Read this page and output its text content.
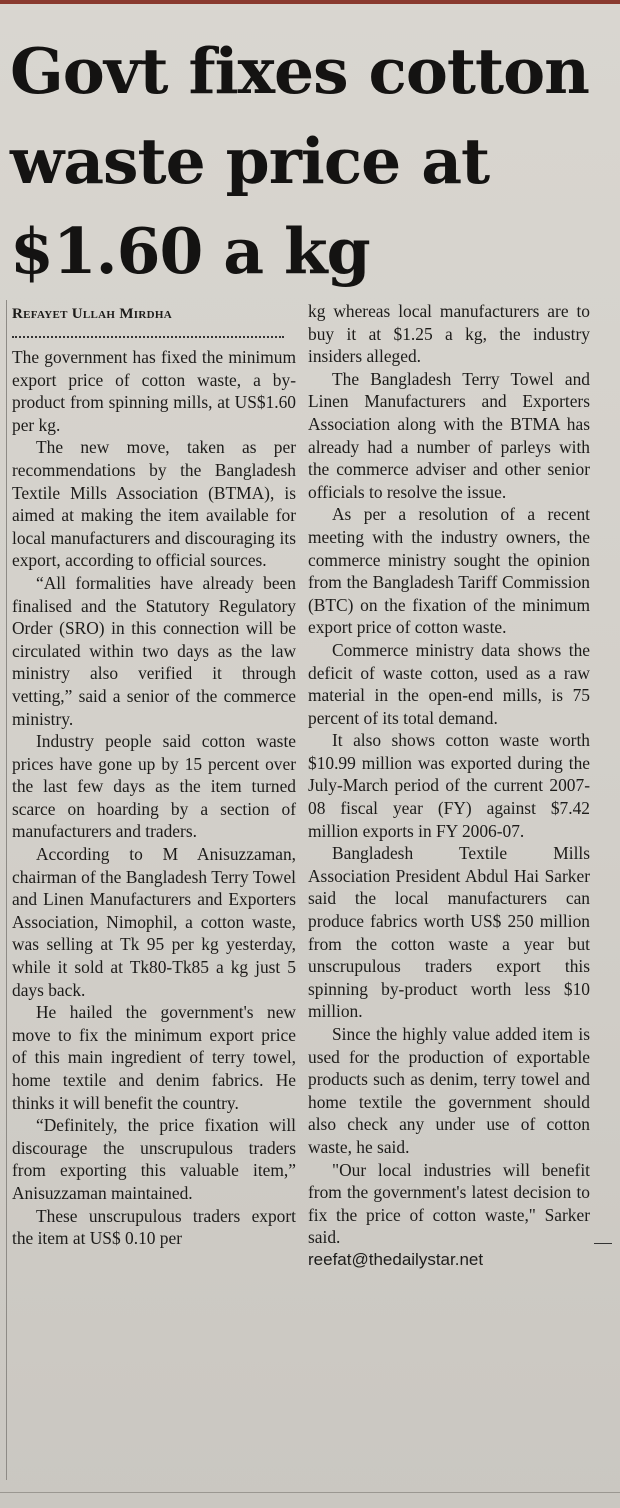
Govt fixes cotton waste price at $1.60 a kg
Refayet Ullah Mirdha

The government has fixed the minimum export price of cotton waste, a by-product from spinning mills, at US$1.60 per kg.

The new move, taken as per recommendations by the Bangladesh Textile Mills Association (BTMA), is aimed at making the item available for local manufacturers and discouraging its export, according to official sources.

“All formalities have already been finalised and the Statutory Regulatory Order (SRO) in this connection will be circulated within two days as the law ministry also verified it through vetting,” said a senior of the commerce ministry.

Industry people said cotton waste prices have gone up by 15 percent over the last few days as the item turned scarce on hoarding by a section of manufacturers and traders.

According to M Anisuzzaman, chairman of the Bangladesh Terry Towel and Linen Manufacturers and Exporters Association, Nimophil, a cotton waste, was selling at Tk 95 per kg yesterday, while it sold at Tk80-Tk85 a kg just 5 days back.

He hailed the government's new move to fix the minimum export price of this main ingredient of terry towel, home textile and denim fabrics. He thinks it will benefit the country.

“Definitely, the price fixation will discourage the unscrupulous traders from exporting this valuable item,” Anisuzzaman maintained.

These unscrupulous traders export the item at US$ 0.10 per

kg whereas local manufacturers are to buy it at $1.25 a kg, the industry insiders alleged.

The Bangladesh Terry Towel and Linen Manufacturers and Exporters Association along with the BTMA has already had a number of parleys with the commerce adviser and other senior officials to resolve the issue.

As per a resolution of a recent meeting with the industry owners, the commerce ministry sought the opinion from the Bangladesh Tariff Commission (BTC) on the fixation of the minimum export price of cotton waste.

Commerce ministry data shows the deficit of waste cotton, used as a raw material in the open-end mills, is 75 percent of its total demand.

It also shows cotton waste worth $10.99 million was exported during the July-March period of the current 2007-08 fiscal year (FY) against $7.42 million exports in FY 2006-07.

Bangladesh Textile Mills Association President Abdul Hai Sarker said the local manufacturers can produce fabrics worth US$ 250 million from the cotton waste a year but unscrupulous traders export this spinning by-product worth less $10 million.

Since the highly value added item is used for the production of exportable products such as denim, terry towel and home textile the government should also check any under use of cotton waste, he said.

"Our local industries will benefit from the government's latest decision to fix the price of cotton waste," Sarker said.

reefat@thedailystar.net
